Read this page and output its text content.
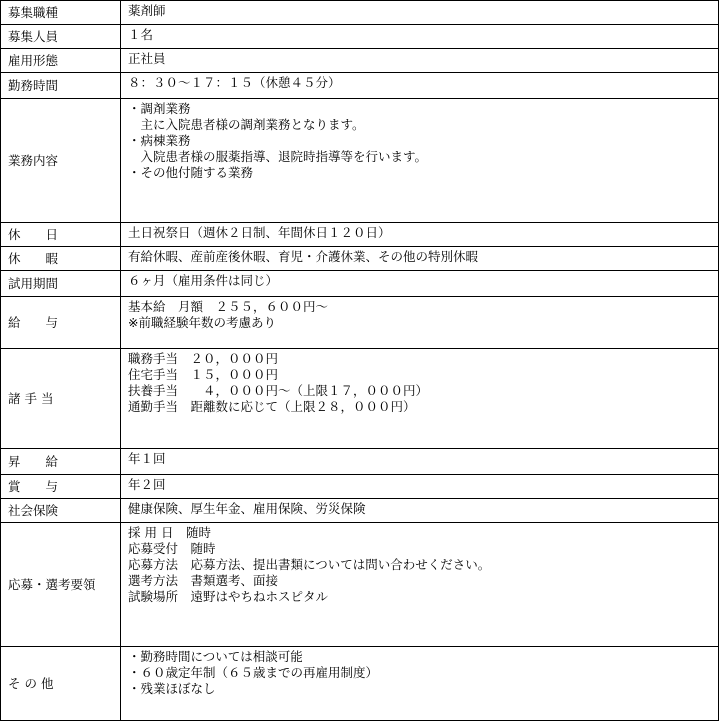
募集職種	薬剤師

募集人員	１名

雇用形態	正社員

勤務時間	８：３０～１７：１５（休憩４５分）

業務内容	・調剤業務
　主に入院患者様の調剤業務となります。
・病棟業務
　入院患者様の服薬指導、退院時指導等を行います。
・その他付随する業務

休　　日	土日祝祭日（週休２日制、年間休日１２０日）

休　　暇	有給休暇、産前産後休暇、育児・介護休業、その他の特別休暇

試用期間	６ヶ月（雇用条件は同じ）

給　　与	基本給　月額　２５５，６００円～
※前職経験年数の考慮あり

諸 手 当	職務手当　２０，０００円
住宅手当　１５，０００円
扶養手当　　４，０００円～（上限１７，０００円）
通勤手当　距離数に応じて（上限２８，０００円）

昇　　給	年１回

賞　　与	年２回

社会保険	健康保険、厚生年金、雇用保険、労災保険

応募・選考要領	採 用 日　随時
応募受付　随時
応募方法　応募方法、提出書類については問い合わせください。
選考方法　書類選考、面接
試験場所　遠野はやちねホスピタル

そ の 他	・勤務時間については相談可能
・６０歳定年制（６５歳までの再雇用制度）
・残業ほぼなし
